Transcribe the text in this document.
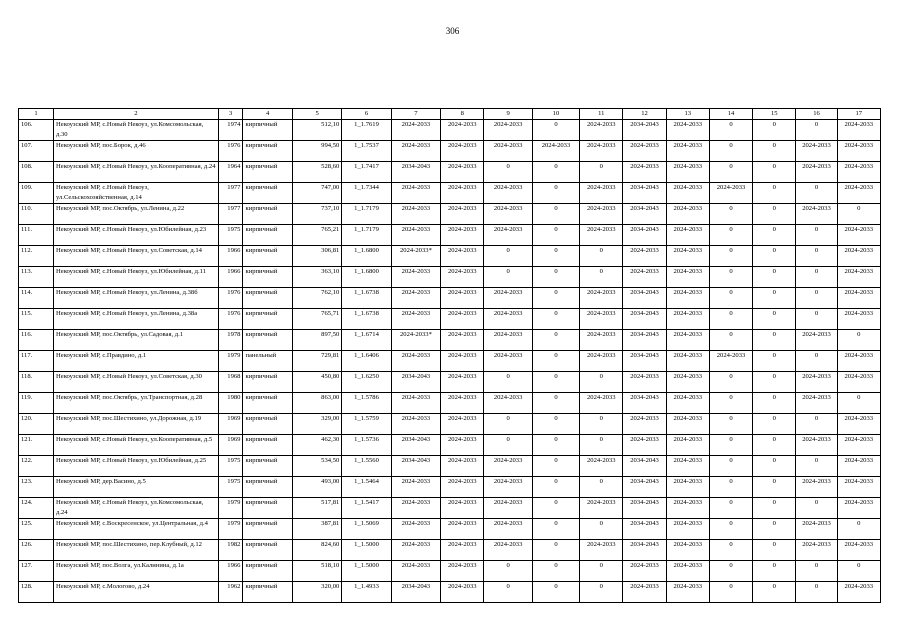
306
1	2	3	4	5	6	7	8	9	10	11	12	13	14	15	16	17
106.	Некоузский МР, с.Новый Некоуз, ул.Комсомольская, д.30	1974	кирпичный	512,10	1_1.7619	2024-2033	2024-2033	2024-2033	0	2024-2033	2034-2043	2024-2033	0	0	0	2024-2033
107.	Некоузский МР, пос.Борок, д.46	1976	кирпичный	994,50	1_1.7537	2024-2033	2024-2033	2024-2033	2024-2033	2024-2033	2024-2033	2024-2033	0	0	2024-2033	2024-2033
108.	Некоузский МР, с.Новый Некоуз, ул.Кооперативная, д.24	1964	кирпичный	528,60	1_1.7417	2034-2043	2024-2033	0	0	0	2024-2033	2024-2033	0	0	2024-2033	2024-2033
109.	Некоузский МР, с.Новый Некоуз, ул.Сельскохозяйственная, д.14	1977	кирпичный	747,00	1_1.7344	2024-2033	2024-2033	2024-2033	0	2024-2033	2034-2043	2024-2033	2024-2033	0	0	2024-2033
110.	Некоузский МР, пос.Октябрь, ул.Ленина, д.22	1977	кирпичный	737,10	1_1.7179	2024-2033	2024-2033	2024-2033	0	2024-2033	2034-2043	2024-2033	0	0	2024-2033	0
111.	Некоузский МР, с.Новый Некоуз, ул.Юбилейная, д.23	1975	кирпичный	765,21	1_1.7179	2024-2033	2024-2033	2024-2033	0	2024-2033	2034-2043	2024-2033	0	0	0	2024-2033
112.	Некоузский МР, с.Новый Некоуз, ул.Советская, д.14	1966	кирпичный	306,81	1_1.6800	2024-2033*	2024-2033	0	0	0	2024-2033	2024-2033	0	0	0	2024-2033
113.	Некоузский МР, с.Новый Некоуз, ул.Юбилейная, д.11	1966	кирпичный	363,10	1_1.6800	2024-2033	2024-2033	0	0	0	2024-2033	2024-2033	0	0	0	2024-2033
114.	Некоузский МР, с.Новый Некоуз, ул.Ленина, д.38б	1976	кирпичный	762,10	1_1.6738	2024-2033	2024-2033	2024-2033	0	2024-2033	2034-2043	2024-2033	0	0	0	2024-2033
115.	Некоузский МР, с.Новый Некоуз, ул.Ленина, д.38а	1976	кирпичный	765,71	1_1.6738	2024-2033	2024-2033	2024-2033	0	2024-2033	2034-2043	2024-2033	0	0	0	2024-2033
116.	Некоузский МР, пос.Октябрь, ул.Садовая, д.1	1978	кирпичный	897,50	1_1.6714	2024-2033*	2024-2033	2024-2033	0	2024-2033	2034-2043	2024-2033	0	0	2024-2033	0
117.	Некоузский МР, с.Правдино, д.1	1979	панельный	729,81	1_1.6406	2024-2033	2024-2033	2024-2033	0	2024-2033	2034-2043	2024-2033	2024-2033	0	0	2024-2033
118.	Некоузский МР, с.Новый Некоуз, ул.Советская, д.30	1968	кирпичный	450,80	1_1.6250	2034-2043	2024-2033	0	0	0	2024-2033	2024-2033	0	0	2024-2033	2024-2033
119.	Некоузский МР, пос.Октябрь, ул.Транспортная, д.28	1980	кирпичный	863,00	1_1.5786	2024-2033	2024-2033	2024-2033	0	2024-2033	2034-2043	2024-2033	0	0	2024-2033	0
120.	Некоузский МР, пос.Шестихино, ул.Дорожная, д.19	1969	кирпичный	329,00	1_1.5759	2024-2033	2024-2033	0	0	0	2024-2033	2024-2033	0	0	0	2024-2033
121.	Некоузский МР, с.Новый Некоуз, ул.Кооперативная, д.5	1969	кирпичный	462,30	1_1.5736	2034-2043	2024-2033	0	0	0	2024-2033	2024-2033	0	0	2024-2033	2024-2033
122.	Некоузский МР, с.Новый Некоуз, ул.Юбилейная, д.25	1975	кирпичный	534,50	1_1.5560	2034-2043	2024-2033	2024-2033	0	2024-2033	2034-2043	2024-2033	0	0	0	2024-2033
123.	Некоузский МР, дер.Васино, д.5	1975	кирпичный	493,00	1_1.5464	2024-2033	2024-2033	2024-2033	0	0	2034-2043	2024-2033	0	0	2024-2033	2024-2033
124.	Некоузский МР, с.Новый Некоуз, ул.Комсомольская, д.24	1979	кирпичный	517,81	1_1.5417	2024-2033	2024-2033	2024-2033	0	2024-2033	2034-2043	2024-2033	0	0	0	2024-2033
125.	Некоузский МР, с.Воскресенское, ул.Центральная, д.4	1979	кирпичный	387,81	1_1.5069	2024-2033	2024-2033	2024-2033	0	0	2034-2043	2024-2033	0	0	2024-2033	0
126.	Некоузский МР, пос.Шестихино, пер.Клубный, д.12	1982	кирпичный	824,60	1_1.5000	2024-2033	2024-2033	2024-2033	0	2024-2033	2034-2043	2024-2033	0	0	2024-2033	2024-2033
127.	Некоузский МР, пос.Волга, ул.Калинина, д.1а	1966	кирпичный	518,10	1_1.5000	2024-2033	2024-2033	0	0	0	2024-2033	2024-2033	0	0	0	0
128.	Некоузский МР, с.Мологово, д.24	1962	кирпичный	320,00	1_1.4933	2034-2043	2024-2033	0	0	0	2024-2033	2024-2033	0	0	0	2024-2033
